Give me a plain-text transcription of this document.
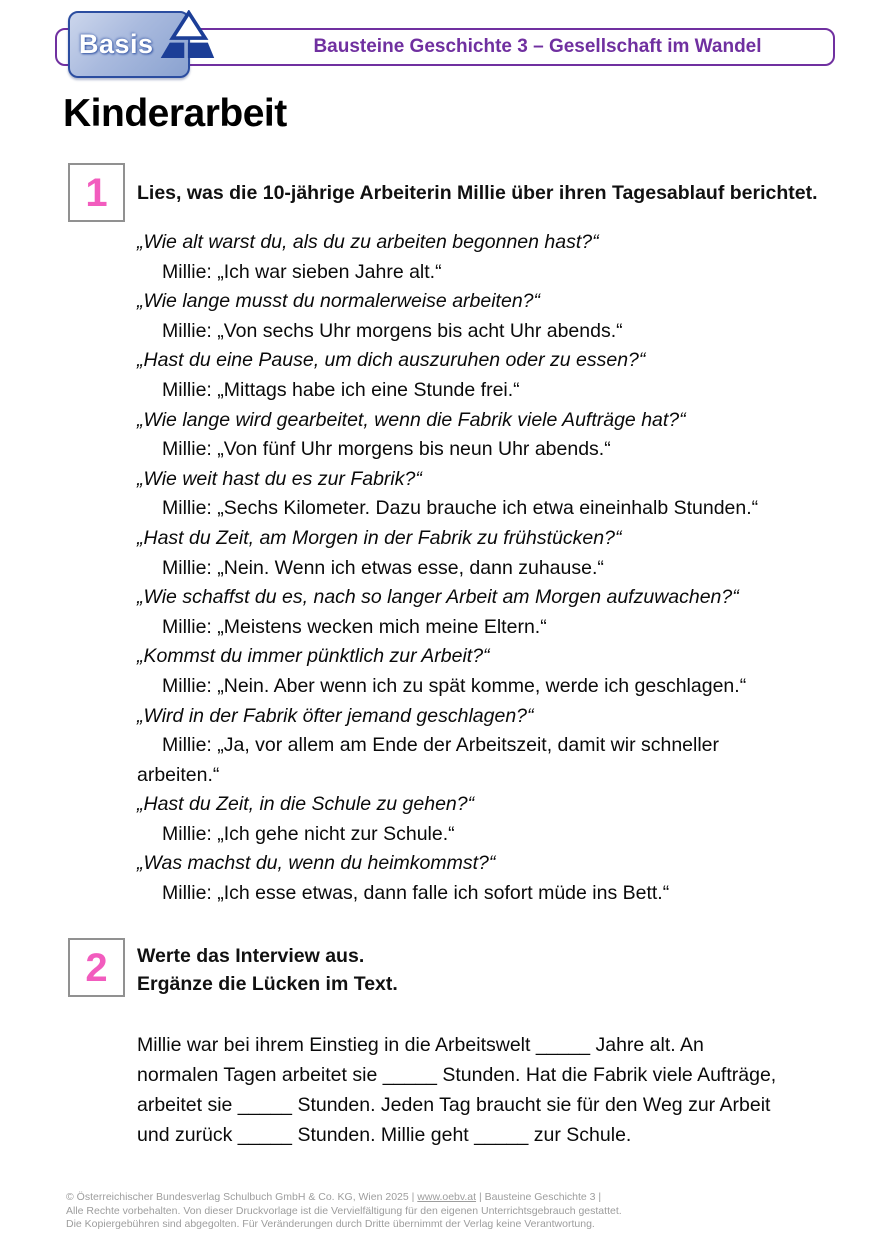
Bausteine Geschichte 3 – Gesellschaft im Wandel
Basis
Kinderarbeit
1 Lies, was die 10-jährige Arbeiterin Millie über ihren Tagesablauf berichtet.

„Wie alt warst du, als du zu arbeiten begonnen hast?“

Millie: „Ich war sieben Jahre alt.“

„Wie lange musst du normalerweise arbeiten?“

Millie: „Von sechs Uhr morgens bis acht Uhr abends.“

„Hast du eine Pause, um dich auszuruhen oder zu essen?“

Millie: „Mittags habe ich eine Stunde frei.“

„Wie lange wird gearbeitet, wenn die Fabrik viele Aufträge hat?“

Millie: „Von fünf Uhr morgens bis neun Uhr abends.“

„Wie weit hast du es zur Fabrik?“

Millie: „Sechs Kilometer. Dazu brauche ich etwa eineinhalb Stunden.“

„Hast du Zeit, am Morgen in der Fabrik zu frühstücken?“

Millie: „Nein. Wenn ich etwas esse, dann zuhause.“

„Wie schaffst du es, nach so langer Arbeit am Morgen aufzuwachen?“

Millie: „Meistens wecken mich meine Eltern.“

„Kommst du immer pünktlich zur Arbeit?“

Millie: „Nein. Aber wenn ich zu spät komme, werde ich geschlagen.“

„Wird in der Fabrik öfter jemand geschlagen?“

Millie: „Ja, vor allem am Ende der Arbeitszeit, damit wir schneller

arbeiten.“

„Hast du Zeit, in die Schule zu gehen?“

Millie: „Ich gehe nicht zur Schule.“

„Was machst du, wenn du heimkommst?“

Millie: „Ich esse etwas, dann falle ich sofort müde ins Bett.“

2 Werte das Interview aus.
Ergänze die Lücken im Text.

Millie war bei ihrem Einstieg in die Arbeitswelt _____ Jahre alt. An

normalen Tagen arbeitet sie _____ Stunden. Hat die Fabrik viele Aufträge,

arbeitet sie _____ Stunden. Jeden Tag braucht sie für den Weg zur Arbeit

und zurück _____ Stunden. Millie geht _____ zur Schule.

© Österreichischer Bundesverlag Schulbuch GmbH & Co. KG, Wien 2025 | www.oebv.at | Bausteine Geschichte 3 |
Alle Rechte vorbehalten. Von dieser Druckvorlage ist die Vervielfältigung für den eigenen Unterrichtsgebrauch gestattet.
Die Kopiergebühren sind abgegolten. Für Veränderungen durch Dritte übernimmt der Verlag keine Verantwortung.
